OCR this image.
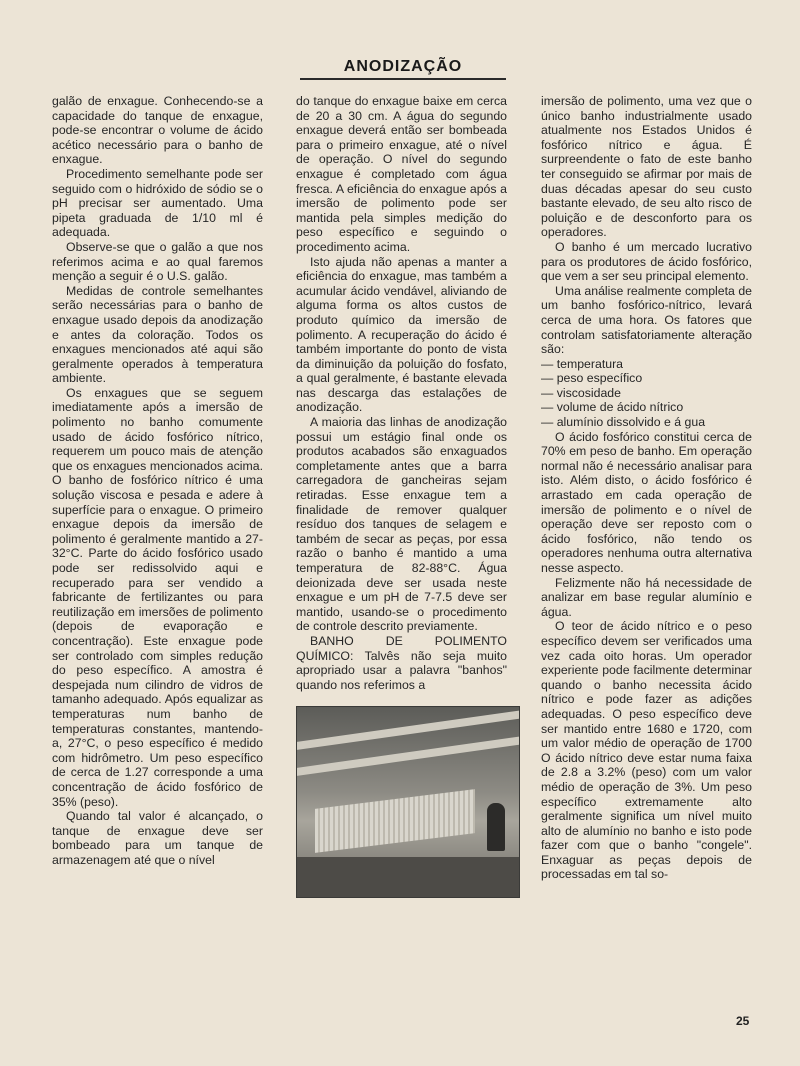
ANODIZAÇÃO

galão de enxague. Conhecendo-se a capacidade do tanque de enxague, pode-se encontrar o volume de ácido acético necessário para o banho de enxague.

Procedimento semelhante pode ser seguido com o hidróxido de sódio se o pH precisar ser aumentado. Uma pipeta graduada de 1/10 ml é adequada.

Observe-se que o galão a que nos referimos acima e ao qual faremos menção a seguir é o U.S. galão.

Medidas de controle semelhantes serão necessárias para o banho de enxague usado depois da anodização e antes da coloração. Todos os enxagues mencionados até aqui são geralmente operados à temperatura ambiente.

Os enxagues que se seguem imediatamente após a imersão de polimento no banho comumente usado de ácido fosfórico nítrico, requerem um pouco mais de atenção que os enxagues mencionados acima. O banho de fosfórico nítrico é uma solução viscosa e pesada e adere à superfície para o enxague. O primeiro enxague depois da imersão de polimento é geralmente mantido a 27-32°C. Parte do ácido fosfórico usado pode ser redissolvido aqui e recuperado para ser vendido a fabricante de fertilizantes ou para reutilização em imersões de polimento (depois de evaporação e concentração). Este enxague pode ser controlado com simples redução do peso específico. A amostra é despejada num cilindro de vidros de tamanho adequado. Após equalizar as temperaturas num banho de temperaturas constantes, mantendo-a, 27°C, o peso específico é medido com hidrômetro. Um peso específico de cerca de 1.27 corresponde a uma concentração de ácido fosfórico de 35% (peso).

Quando tal valor é alcançado, o tanque de enxague deve ser bombeado para um tanque de armazenagem até que o nível

do tanque do enxague baixe em cerca de 20 a 30 cm. A água do segundo enxague deverá então ser bombeada para o primeiro enxague, até o nível de operação. O nível do segundo enxague é completado com água fresca. A eficiência do enxague após a imersão de polimento pode ser mantida pela simples medição do peso específico e seguindo o procedimento acima.

Isto ajuda não apenas a manter a eficiência do enxague, mas também a acumular ácido vendável, aliviando de alguma forma os altos custos de produto químico da imersão de polimento. A recuperação do ácido é também importante do ponto de vista da diminuição da poluição do fosfato, a qual geralmente, é bastante elevada nas descarga das estalações de anodização.

A maioria das linhas de anodização possui um estágio final onde os produtos acabados são enxaguados completamente antes que a barra carregadora de gancheiras sejam retiradas. Esse enxague tem a finalidade de remover qualquer resíduo dos tanques de selagem e também de secar as peças, por essa razão o banho é mantido a uma temperatura de 82-88°C. Água deionizada deve ser usada neste enxague e um pH de 7-7.5 deve ser mantido, usando-se o procedimento de controle descrito previamente.

BANHO DE POLIMENTO QUÍMICO: Talvês não seja muito apropriado usar a palavra "banhos" quando nos referimos a

imersão de polimento, uma vez que o único banho industrialmente usado atualmente nos Estados Unidos é fosfórico nítrico e água. É surpreendente o fato de este banho ter conseguido se afirmar por mais de duas décadas apesar do seu custo bastante elevado, de seu alto risco de poluição e de desconforto para os operadores.

O banho é um mercado lucrativo para os produtores de ácido fosfórico, que vem a ser seu principal elemento.

Uma análise realmente completa de um banho fosfórico-nítrico, levará cerca de uma hora. Os fatores que controlam satisfatoriamente alteração são:

— temperatura
— peso específico
— viscosidade
— volume de ácido nítrico
— alumínio dissolvido e á gua

O ácido fosfórico constitui cerca de 70% em peso de banho. Em operação normal não é necessário analisar para isto. Além disto, o ácido fosfórico é arrastado em cada operação de imersão de polimento e o nível de operação deve ser reposto com o ácido fosfórico, não tendo os operadores nenhuma outra alternativa nesse aspecto.

Felizmente não há necessidade de analizar em base regular alumínio e água.

O teor de ácido nítrico e o peso específico devem ser verificados uma vez cada oito horas. Um operador experiente pode facilmente determinar quando o banho necessita ácido nítrico e pode fazer as adições adequadas. O peso específico deve ser mantido entre 1680 e 1720, com um valor médio de operação de 1700 O ácido nítrico deve estar numa faixa de 2.8 a 3.2% (peso) com um valor médio de operação de 3%. Um peso específico extremamente alto geralmente significa um nível muito alto de alumínio no banho e isto pode fazer com que o banho "congele". Enxaguar as peças depois de processadas em tal so-

25
